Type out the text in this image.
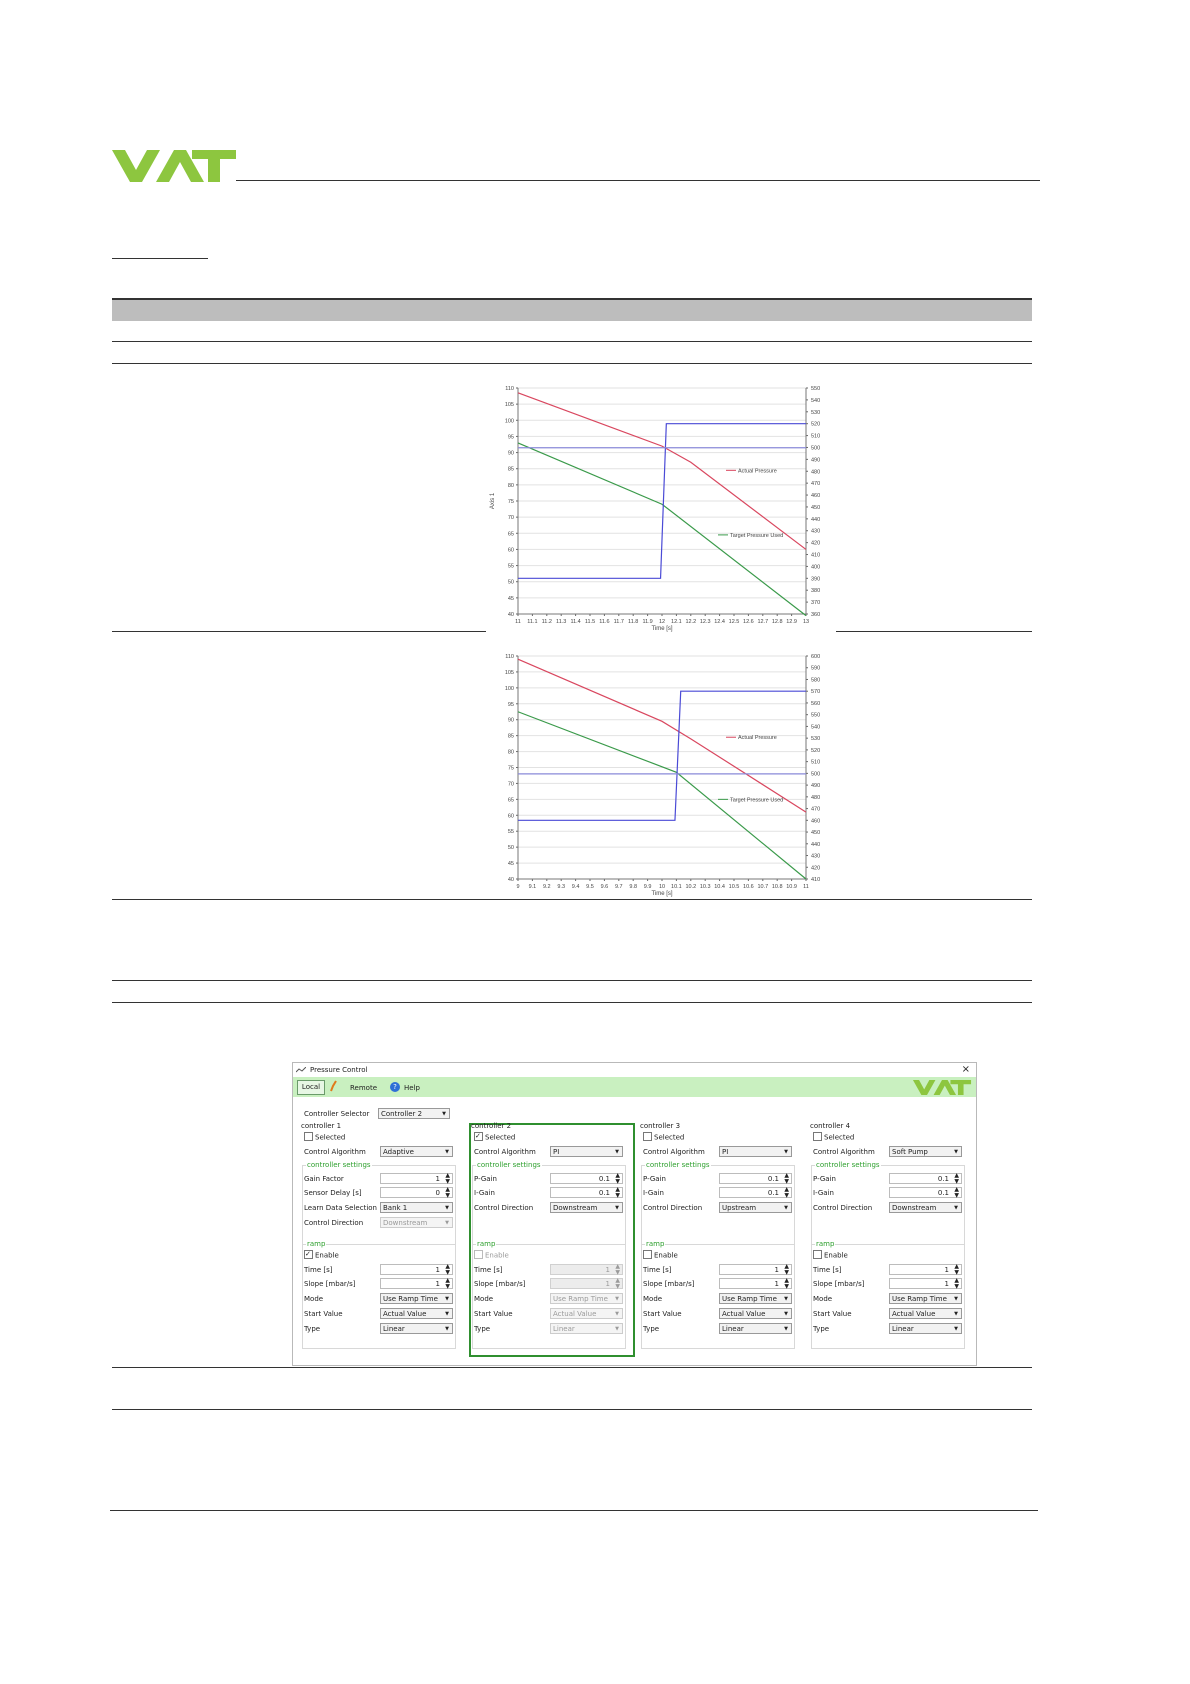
110
105
100
95
90
85
80
75
70
65
60
55
50
45
40
550
540
530
520
510
500
490
480
470
460
450
440
430
420
410
400
390
380
370
360
11 11.1 11.2 11.3 11.4 11.5 11.6 11.7 11.8 11.9 12 12.1 12.2 12.3 12.4 12.5 12.6 12.7 12.8 12.9 13
Time [s]
Axis 1
Actual Pressure
Target Pressure Used
110
105
100
95
90
85
80
75
70
65
60
55
50
45
40
600
590
580
570
560
550
540
530
520
510
500
490
480
470
460
450
440
430
420
410
9 9.1 9.2 9.3 9.4 9.5 9.6 9.7 9.8 9.9 10 10.1 10.2 10.3 10.4 10.5 10.6 10.7 10.8 10.9 11
Time [s]
Actual Pressure
Target Pressure Used
Pressure Control	×
Local	Remote	?	Help
Controller Selector	Controller 2	▼
controller 1
Selected
Control Algorithm	Adaptive	▼
controller settings
Gain Factor	1 ▲
▼
Sensor Delay [s]	0 ▲
▼
Learn Data Selection Bank 1	▼
Control Direction	Downstream	▼
ramp
✓Enable
Time [s]	1 ▲
▼
Slope [mbar/s]	1 ▲
▼
Mode	Use Ramp Time ▼
Start Value	Actual Value	▼
Type	Linear	▼
controller 2
✓Selected
Control Algorithm	PI	▼
controller settings
P-Gain	0.1 ▲
▼
I-Gain	0.1 ▲
▼
Control Direction	Downstream	▼
ramp
Enable
Time [s]	1 ▲
▼
Slope [mbar/s]	1 ▲
▼
Mode	Use Ramp Time ▼
Start Value	Actual Value	▼
Type	Linear	▼
controller 3
Selected
Control Algorithm	PI	▼
controller settings
P-Gain	0.1 ▲
▼
I-Gain	0.1 ▲
▼
Control Direction	Upstream	▼
ramp
Enable
Time [s]	1 ▲
▼
Slope [mbar/s]	1 ▲
▼
Mode	Use Ramp Time ▼
Start Value	Actual Value	▼
Type	Linear	▼
controller 4
Selected
Control Algorithm	Soft Pump	▼
controller settings
P-Gain	0.1 ▲
▼
I-Gain	0.1 ▲
▼
Control Direction	Downstream	▼
ramp
Enable
Time [s]	1 ▲
▼
Slope [mbar/s]	1 ▲
▼
Mode	Use Ramp Time ▼
Start Value	Actual Value	▼
Type	Linear	▼
